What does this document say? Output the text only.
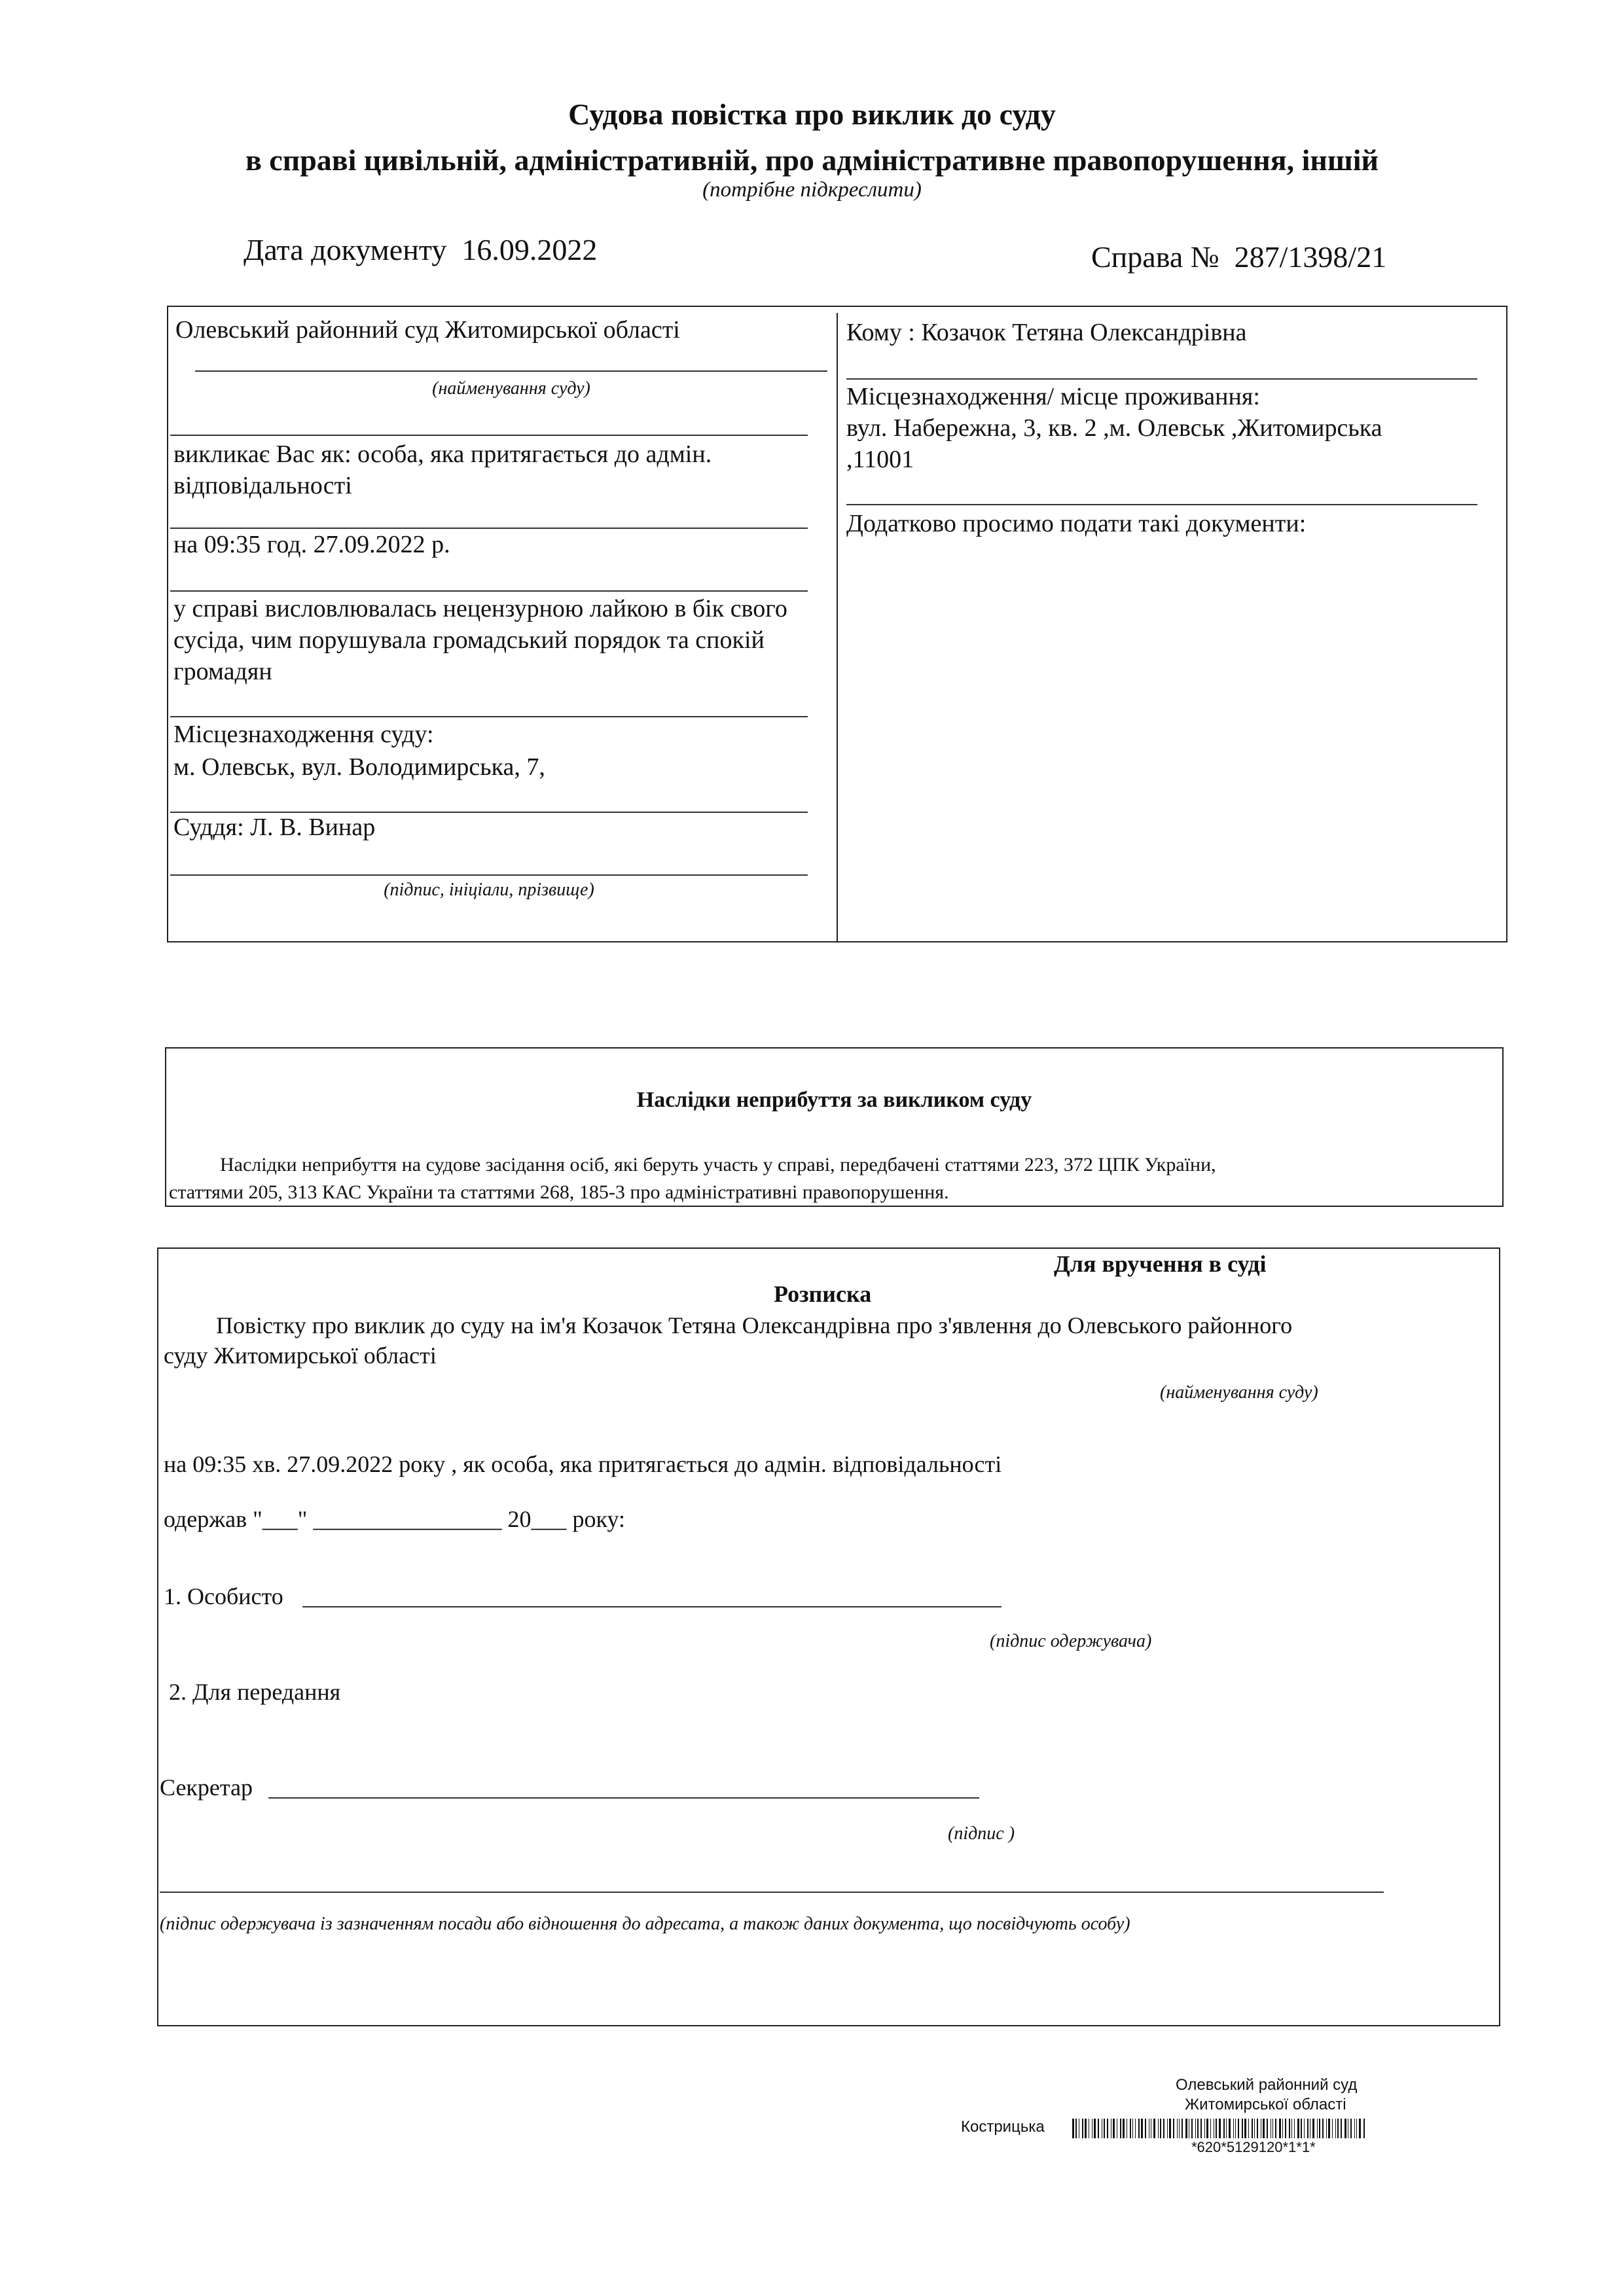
Судова повістка про виклик до суду
в справі цивільній, адміністративній, про адміністративне правопорушення, іншій
(потрібне підкреслити)
Дата документу 16.09.2022	Справа № 287/1398/21
Олевський районний суд Житомирської області
(найменування суду)
викликає Вас як: особа, яка притягається до адмін. відповідальності
на 09:35 год. 27.09.2022 р.
у справі висловлювалась нецензурною лайкою в бік свого сусіда, чим порушувала громадський порядок та спокій громадян
Місцезнаходження суду:
м. Олевськ, вул. Володимирська, 7,
Суддя: Л. В. Винар
(підпис, ініціали, прізвище)
Кому : Козачок Тетяна Олександрівна
Місцезнаходження/ місце проживання:
вул. Набережна, 3, кв. 2 ,м. Олевськ ,Житомирська
,11001
Додатково просимо подати такі документи:
Наслідки неприбуття за викликом суду
Наслідки неприбуття на судове засідання осіб, які беруть участь у справі, передбачені статтями 223, 372 ЦПК України,
статтями 205, 313 КАС України та статтями 268, 185-3 про адміністративні правопорушення.
Для вручення в суді
Розписка
Повістку про виклик до суду на ім'я Козачок Тетяна Олександрівна про з'явлення до Олевського районного
суду Житомирської області
(найменування суду)
на 09:35 хв. 27.09.2022 року , як особа, яка притягається до адмін. відповідальності
одержав "___" ________________ 20___ року:
1. Особисто
(підпис одержувача)
2. Для передання
Секретар
(підпис )
(підпис одержувача із зазначенням посади або відношення до адресата, а також даних документа, що посвідчують особу)
Олевський районний суд
Житомирської області
Кострицька
*620*5129120*1*1*
